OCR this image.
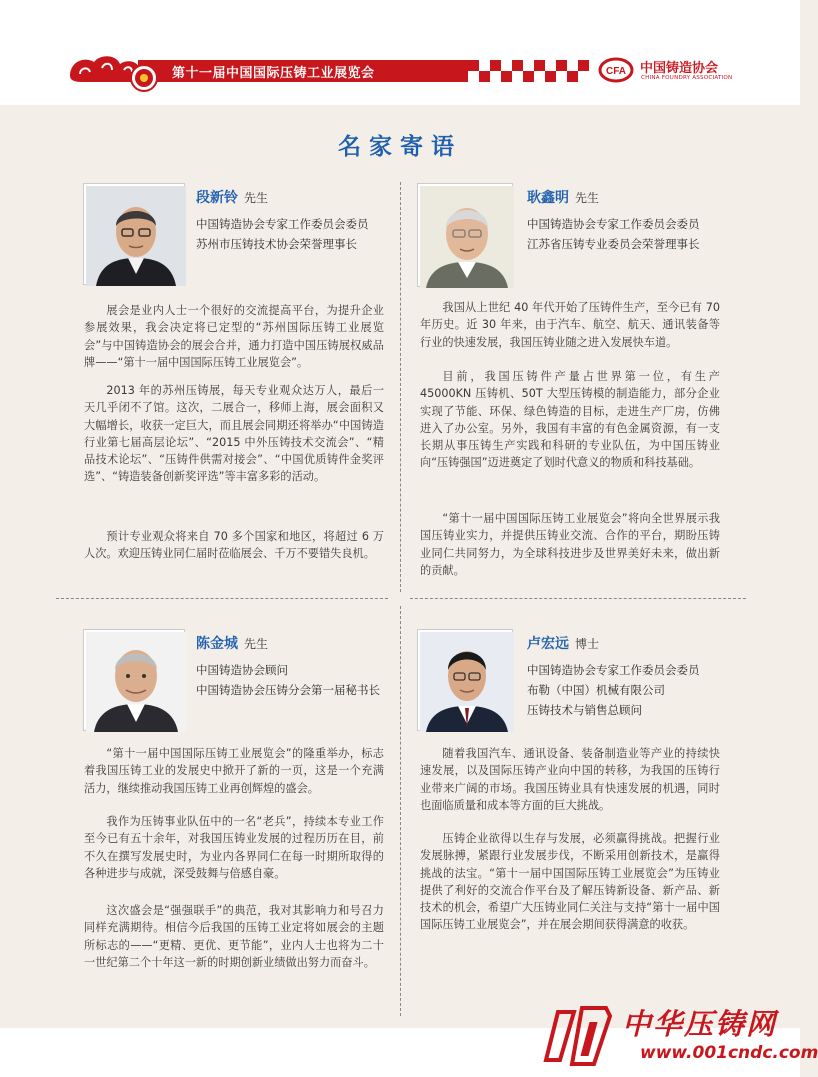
第十一届中国国际压铸工业展览会	CFA 中国铸造协会
CHINA FOUNDRY ASSOCIATION
名家寄语
段新铃 先生
中国铸造协会专家工作委员会委员
苏州市压铸技术协会荣誉理事长
展会是业内人士一个很好的交流提高平台，为提升企业参展效果，我会决定将已定型的“苏州国际压铸工业展览会”与中国铸造协会的展会合并，通力打造中国压铸展权威品牌——“第十一届中国国际压铸工业展览会”。
2013 年的苏州压铸展，每天专业观众达万人，最后一天几乎闭不了馆。这次，二展合一，移师上海，展会面积又大幅增长，收获一定巨大，而且展会同期还将举办“中国铸造行业第七届高层论坛”、“2015 中外压铸技术交流会”、“精品技术论坛”、“压铸件供需对接会”、“中国优质铸件金奖评选”、“铸造装备创新奖评选”等丰富多彩的活动。
预计专业观众将来自 70 多个国家和地区，将超过 6 万人次。欢迎压铸业同仁届时莅临展会、千万不要错失良机。
耿鑫明 先生
中国铸造协会专家工作委员会委员
江苏省压铸专业委员会荣誉理事长
我国从上世纪 40 年代开始了压铸件生产，至今已有 70 年历史。近 30 年来，由于汽车、航空、航天、通讯装备等行业的快速发展，我国压铸业随之进入发展快车道。
目前，我国压铸件产量占世界第一位，有生产 45000KN 压铸机、50T 大型压铸模的制造能力，部分企业实现了节能、环保、绿色铸造的目标，走进生产厂房，仿佛进入了办公室。另外，我国有丰富的有色金属资源，有一支长期从事压铸生产实践和科研的专业队伍，为中国压铸业向“压铸强国”迈进奠定了划时代意义的物质和科技基础。
“第十一届中国国际压铸工业展览会”将向全世界展示我国压铸业实力，并提供压铸业交流、合作的平台，期盼压铸业同仁共同努力，为全球科技进步及世界美好未来，做出新的贡献。
陈金城 先生
中国铸造协会顾问
中国铸造协会压铸分会第一届秘书长
“第十一届中国国际压铸工业展览会”的隆重举办，标志着我国压铸工业的发展史中掀开了新的一页，这是一个充满活力，继续推动我国压铸工业再创辉煌的盛会。
我作为压铸事业队伍中的一名“老兵”，持续本专业工作至今已有五十余年，对我国压铸业发展的过程历历在目，前不久在撰写发展史时，为业内各界同仁在每一时期所取得的各种进步与成就，深受鼓舞与倍感自豪。
这次盛会是“强强联手”的典范，我对其影响力和号召力同样充满期待。相信今后我国的压铸工业定将如展会的主题所标志的——“更精、更优、更节能”，业内人士也将为二十一世纪第二个十年这一新的时期创新业绩做出努力而奋斗。
卢宏远 博士
中国铸造协会专家工作委员会委员
布勒（中国）机械有限公司
压铸技术与销售总顾问
随着我国汽车、通讯设备、装备制造业等产业的持续快速发展，以及国际压铸产业向中国的转移，为我国的压铸行业带来广阔的市场。我国压铸业具有快速发展的机遇，同时也面临质量和成本等方面的巨大挑战。
压铸企业欲得以生存与发展，必须赢得挑战。把握行业发展脉搏，紧跟行业发展步伐，不断采用创新技术，是赢得挑战的法宝。“第十一届中国国际压铸工业展览会”为压铸业提供了利好的交流合作平台及了解压铸新设备、新产品、新技术的机会，希望广大压铸业同仁关注与支持“第十一届中国国际压铸工业展览会”，并在展会期间获得满意的收获。
中华压铸网
www.001cndc.com
